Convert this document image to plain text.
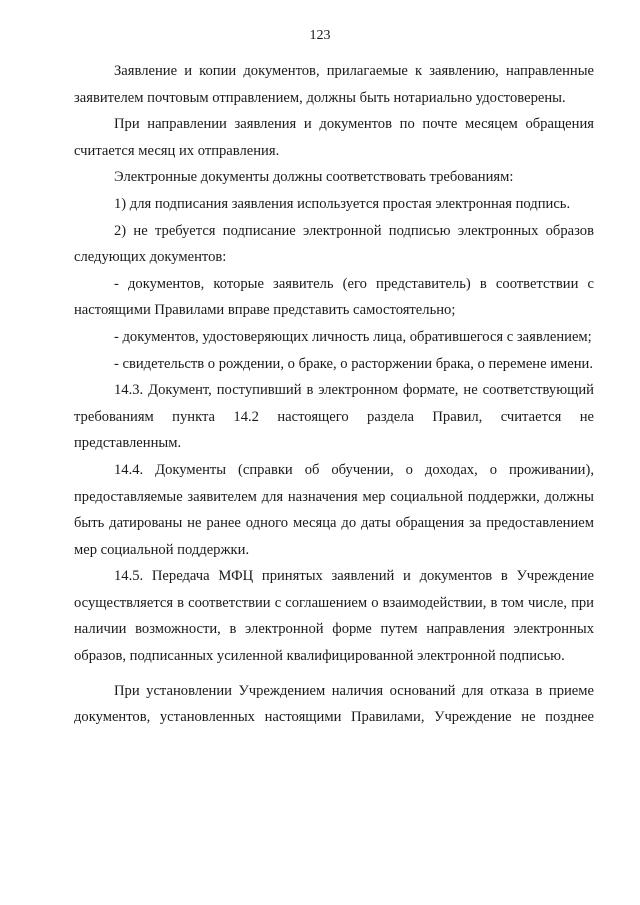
123

Заявление и копии документов, прилагаемые к заявлению, направленные заявителем почтовым отправлением, должны быть нотариально удостоверены.

При направлении заявления и документов по почте месяцем обращения считается месяц их отправления.

Электронные документы должны соответствовать требованиям:

1) для подписания заявления используется простая электронная подпись.

2) не требуется подписание электронной подписью электронных образов следующих документов:

- документов, которые заявитель (его представитель) в соответствии с настоящими Правилами вправе представить самостоятельно;

- документов, удостоверяющих личность лица, обратившегося с заявлением;

- свидетельств о рождении, о браке, о расторжении брака, о перемене имени.

14.3. Документ, поступивший в электронном формате, не соответствующий требованиям пункта 14.2 настоящего раздела Правил, считается не представленным.

14.4. Документы (справки об обучении, о доходах, о проживании), предоставляемые заявителем для назначения мер социальной поддержки, должны быть датированы не ранее одного месяца до даты обращения за предоставлением мер социальной поддержки.

14.5. Передача МФЦ принятых заявлений и документов в Учреждение осуществляется в соответствии с соглашением о взаимодействии, в том числе, при наличии возможности, в электронной форме путем направления электронных образов, подписанных усиленной квалифицированной электронной подписью.

При установлении Учреждением наличия оснований для отказа в приеме документов, установленных настоящими Правилами, Учреждение не позднее
